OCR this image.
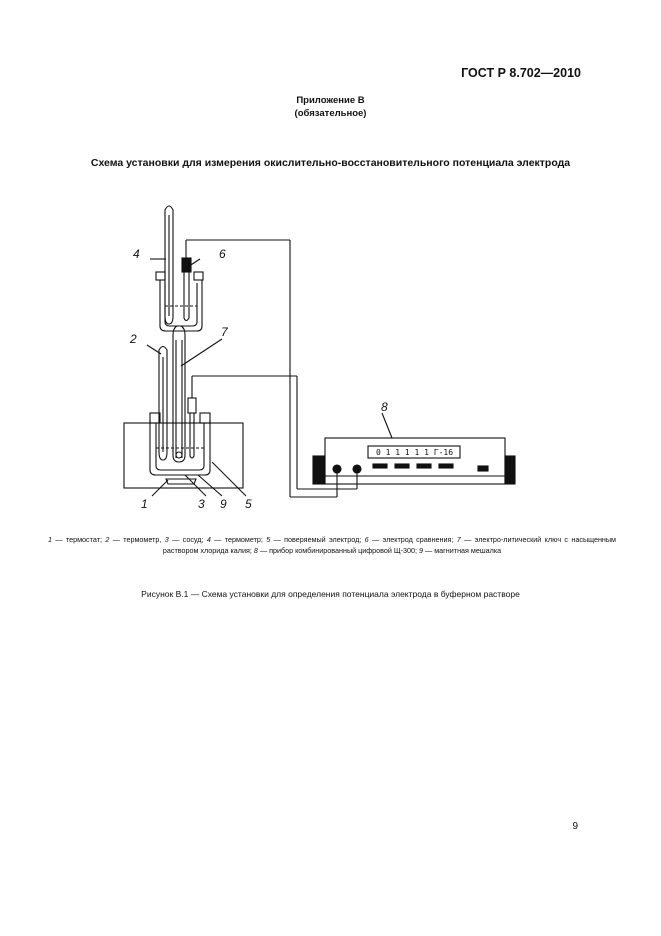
ГОСТ Р 8.702—2010
Приложение В
(обязательное)
Схема установки для измерения окислительно-восстановительного потенциала электрода
0 1 1 1 1 1 Г-16
4	6
2	7
8
1	3 9 5
1 — термостат; 2 — термометр, 3 — сосуд; 4 — термометр; 5 — поверяемый электрод; 6 — электрод сравнения; 7 — электро-литический ключ с насыщенным раствором хлорида калия; 8 — прибор комбинированный цифровой Щ-300; 9 — магнитная мешалка
Рисунок В.1 — Схема установки для определения потенциала электрода в буферном растворе
9
